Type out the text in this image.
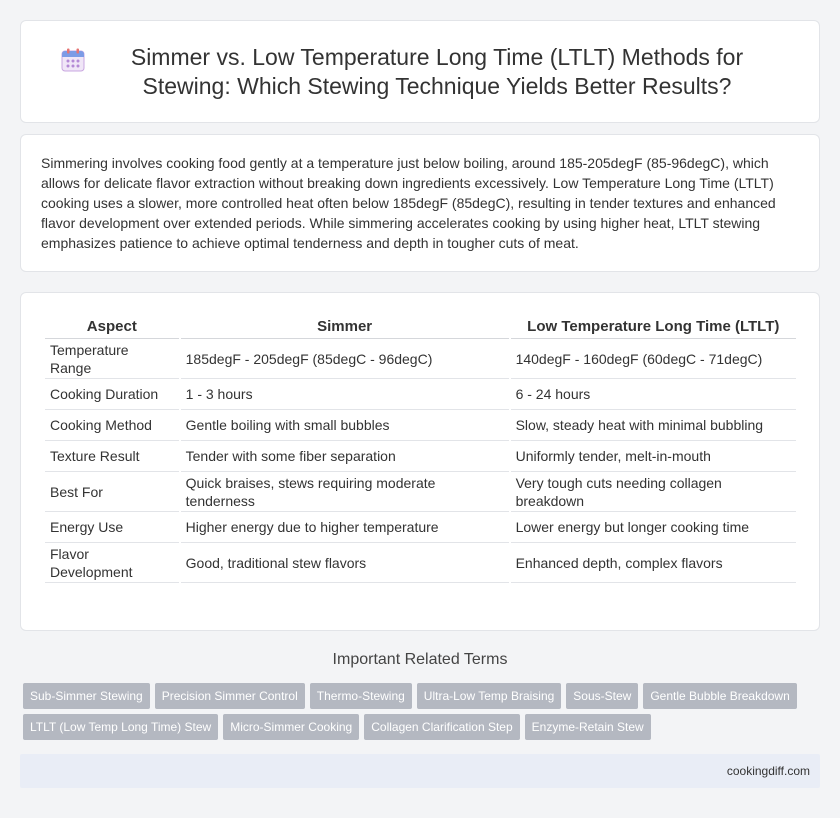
Simmer vs. Low Temperature Long Time (LTLT) Methods for Stewing: Which Stewing Technique Yields Better Results?

Simmering involves cooking food gently at a temperature just below boiling, around 185-205degF (85-96degC), which allows for delicate flavor extraction without breaking down ingredients excessively. Low Temperature Long Time (LTLT) cooking uses a slower, more controlled heat often below 185degF (85degC), resulting in tender textures and enhanced flavor development over extended periods. While simmering accelerates cooking by using higher heat, LTLT stewing emphasizes patience to achieve optimal tenderness and depth in tougher cuts of meat.

Aspect	Simmer	Low Temperature Long Time (LTLT)
Temperature Range	185degF - 205degF (85degC - 96degC)	140degF - 160degF (60degC - 71degC)
Cooking Duration	1 - 3 hours	6 - 24 hours
Cooking Method	Gentle boiling with small bubbles	Slow, steady heat with minimal bubbling
Texture Result	Tender with some fiber separation	Uniformly tender, melt-in-mouth
Best For	Quick braises, stews requiring moderate tenderness	Very tough cuts needing collagen breakdown
Energy Use	Higher energy due to higher temperature	Lower energy but longer cooking time
Flavor Development	Good, traditional stew flavors	Enhanced depth, complex flavors
Important Related Terms
Sub-Simmer Stewing	Precision Simmer Control	Thermo-Stewing	Ultra-Low Temp Braising	Sous-Stew	Gentle Bubble Breakdown
LTLT (Low Temp Long Time) Stew	Micro-Simmer Cooking	Collagen Clarification Step	Enzyme-Retain Stew
cookingdiff.com
